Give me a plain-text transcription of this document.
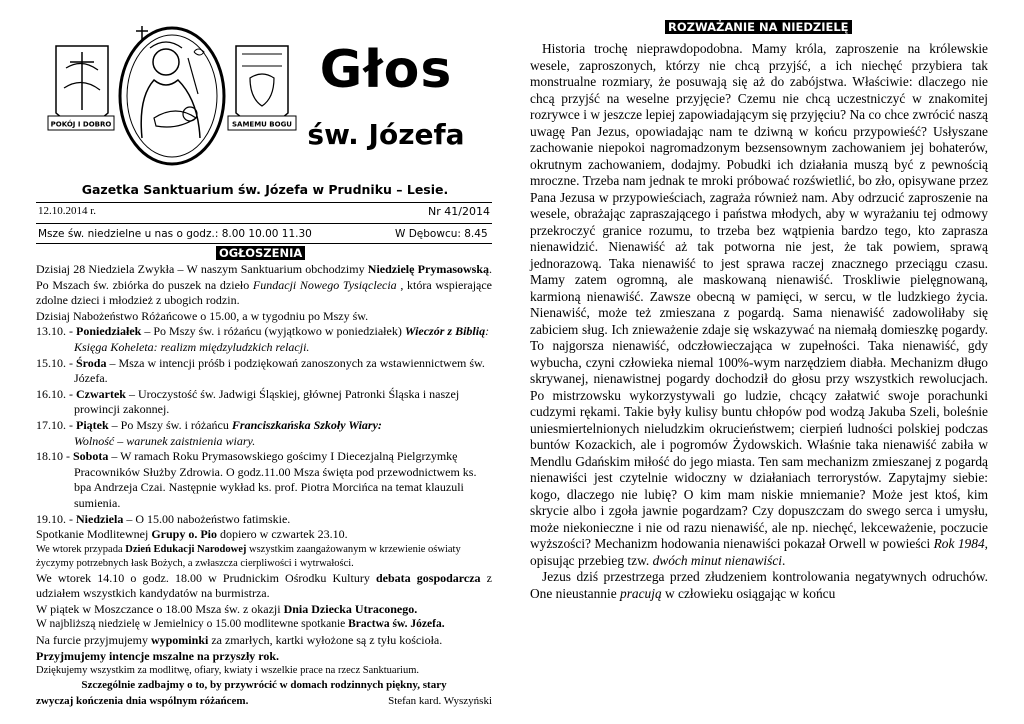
POKÓJ I DOBRO	SAMEMU BOGU
Głos
św. Józefa
Gazetka Sanktuarium św. Józefa w Prudniku – Lesie.
12.10.2014 r.	Nr 41/2014
Msze św. niedzielne u nas o godz.: 8.00 10.00 11.30	W Dębowcu: 8.45
OGŁOSZENIA

Dzisiaj 28 Niedziela Zwykła – W naszym Sanktuarium obchodzimy Niedzielę Prymasowską. Po Mszach św. zbiórka do puszek na dzieło Fundacji Nowego Tysiąclecia , która wspierające zdolne dzieci i młodzież z ubogich rodzin.

Dzisiaj Nabożeństwo Różańcowe o 15.00, a w tygodniu po Mszy św.

13.10. - Poniedziałek – Po Mszy św. i różańcu (wyjątkowo w poniedziałek) Wieczór z Biblią: Księga Koheleta: realizm międzyludzkich relacji.

15.10. - Środa – Msza w intencji próśb i podziękowań zanoszonych za wstawiennictwem św. Józefa.

16.10. - Czwartek – Uroczystość św. Jadwigi Śląskiej, głównej Patronki Śląska i naszej prowincji zakonnej.

17.10. - Piątek – Po Mszy św. i różańcu Franciszkańska Szkoły Wiary:
Wolność – warunek zaistnienia wiary.

18.10 - Sobota – W ramach Roku Prymasowskiego gościmy I Diecezjalną Pielgrzymkę Pracowników Służby Zdrowia. O godz.11.00 Msza święta pod przewodnictwem ks. bpa Andrzeja Czai. Następnie wykład ks. prof. Piotra Morcińca na temat klauzuli sumienia.

19.10. - Niedziela – O 15.00 nabożeństwo fatimskie.

Spotkanie Modlitewnej Grupy o. Pio dopiero w czwartek 23.10.

We wtorek przypada Dzień Edukacji Narodowej wszystkim zaangażowanym w krzewienie oświaty życzymy potrzebnych łask Bożych, a zwłaszcza cierpliwości i wytrwałości.

We wtorek 14.10 o godz. 18.00 w Prudnickim Ośrodku Kultury debata gospodarcza z udziałem wszystkich kandydatów na burmistrza.

W piątek w Moszczance o 18.00 Msza św. z okazji Dnia Dziecka Utraconego.

W najbliższą niedzielę w Jemielnicy o 15.00 modlitewne spotkanie Bractwa św. Józefa.

Na furcie przyjmujemy wypominki za zmarłych, kartki wyłożone są z tyłu kościoła.

Przyjmujemy intencje mszalne na przyszły rok.

Dziękujemy wszystkim za modlitwę, ofiary, kwiaty i wszelkie prace na rzecz Sanktuarium.

Szczególnie zadbajmy o to, by przywrócić w domach rodzinnych piękny, stary

zwyczaj kończenia dnia wspólnym różańcem.	Stefan kard. Wyszyński

ROZWAŻANIE NA NIEDZIELĘ

Historia trochę nieprawdopodobna. Mamy króla, zaproszenie na królewskie wesele, zaproszonych, którzy nie chcą przyjść, a ich niechęć przybiera tak monstrualne rozmiary, że posuwają się aż do zabójstwa. Właściwie: dlaczego nie chcą przyjść na weselne przyjęcie? Czemu nie chcą uczestniczyć w znakomitej rozrywce i w jeszcze lepiej zapowiadającym się przyjęciu? Na co chce zwrócić naszą uwagę Pan Jezus, opowiadając nam te dziwną w końcu przypowieść? Usłyszane zachowanie niepokoi nagromadzonym bezsensownym zachowaniem jej bohaterów, okrutnym zachowaniem, dodajmy. Pobudki ich działania muszą być z pewnością mroczne. Trzeba nam jednak te mroki próbować rozświetlić, bo zło, opisywane przez Pana Jezusa w przypowieściach, zagraża również nam. Aby odrzucić zaproszenie na wesele, obrażając zapraszającego i państwa młodych, aby w wyrażaniu tej odmowy przekroczyć granice rozumu, to trzeba bez wątpienia bardzo tego, kto zaprasza nienawidzić. Nienawiść aż tak potworna nie jest, że tak powiem, sprawą jednorazową. Taka nienawiść to jest sprawa raczej znacznego przeciągu czasu. Mamy zatem ogromną, ale maskowaną nienawiść. Troskliwie pielęgnowaną, karmioną nienawiść. Zawsze obecną w pamięci, w sercu, w tle ludzkiego życia. Nienawiść, może też zmieszana z pogardą. Sama nienawiść zadowoliłaby się zabiciem sług. Ich znieważenie zdaje się wskazywać na niemałą domieszkę pogardy. To najgorsza nienawiść, odczłowieczająca w zupełności. Taka nienawiść, gdy wybucha, czyni człowieka niemal 100%-wym narzędziem diabła. Mechanizm długo skrywanej, nienawistnej pogardy dochodził do głosu przy wszystkich rewolucjach. Po mistrzowsku wykorzystywali go ludzie, chcący załatwić swoje porachunki cudzymi rękami. Takie były kulisy buntu chłopów pod wodzą Jakuba Szeli, boleśnie uniesmiertelnionych nieludzkim okrucieństwem; cierpień ludności polskiej podczas buntów Kozackich, ale i pogromów Żydowskich. Właśnie taka nienawiść zabiła w Mendlu Gdańskim miłość do jego miasta. Ten sam mechanizm zmieszanej z pogardą nienawiści jest czytelnie widoczny w działaniach terrorystów. Zapytajmy siebie: kogo, dlaczego nie lubię? O kim mam niskie mniemanie? Może jest ktoś, kim skrycie albo i zgoła jawnie pogardzam? Czy dopuszczam do swego serca i umysłu, może niekonieczne i nie od razu nienawiść, ale np. niechęć, lekceważenie, poczucie wyższości? Mechanizm hodowania nienawiści pokazał Orwell w powieści Rok 1984, opisując przebieg tzw. dwóch minut nienawiści.

Jezus dziś przestrzega przed złudzeniem kontrolowania negatywnych odruchów. One nieustannie pracują w człowieku osiągając w końcu
